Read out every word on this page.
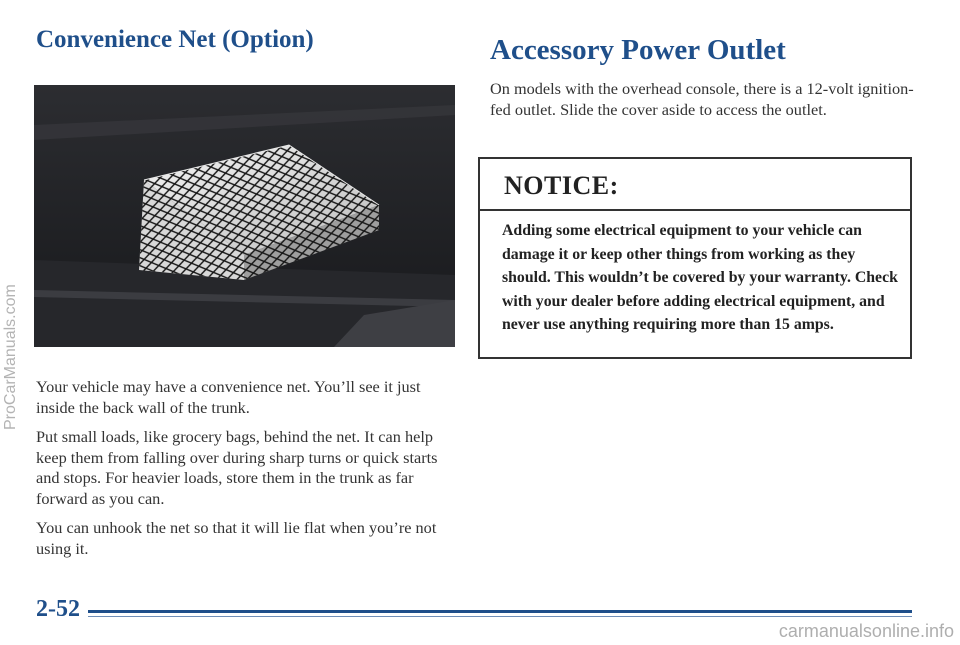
Convenience Net (Option)

Your vehicle may have a convenience net. You’ll see it just inside the back wall of the trunk.

Put small loads, like grocery bags, behind the net. It can help keep them from falling over during sharp turns or quick starts and stops. For heavier loads, store them in the trunk as far forward as you can.

You can unhook the net so that it will lie flat when you’re not using it.

Accessory Power Outlet

On models with the overhead console, there is a 12-volt ignition-fed outlet. Slide the cover aside to access the outlet.

NOTICE:

Adding some electrical equipment to your vehicle can damage it or keep other things from working as they should. This wouldn’t be covered by your warranty. Check with your dealer before adding electrical equipment, and never use anything requiring more than 15 amps.

2-52

ProCarManuals.com
carmanualsonline.info
